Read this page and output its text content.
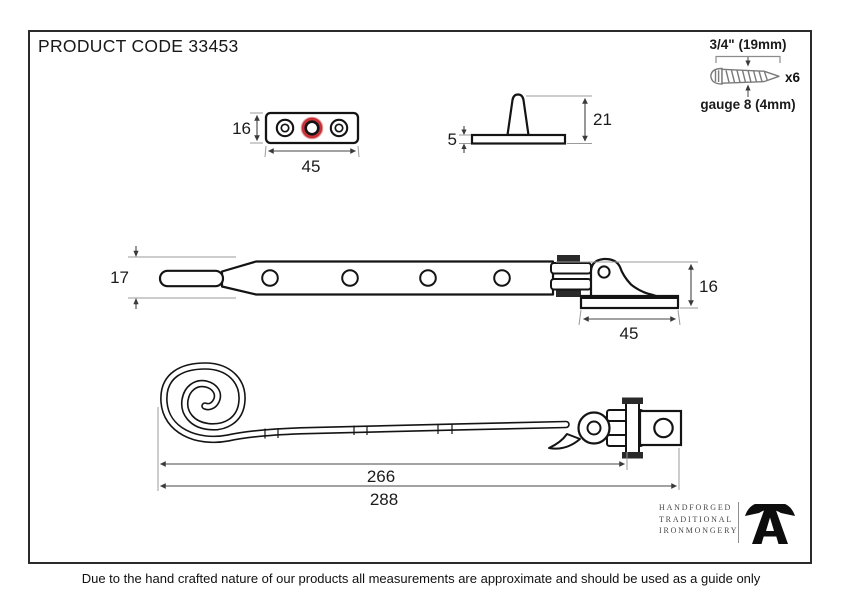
PRODUCT CODE 33453	3/4" (19mm)
x6
gauge 8 (4mm)
16
45
5
21
17	16
45
266
288	HANDFORGED
TRADITIONAL
IRONMONGERY
Due to the hand crafted nature of our products all measurements are approximate and should be used as a guide only
